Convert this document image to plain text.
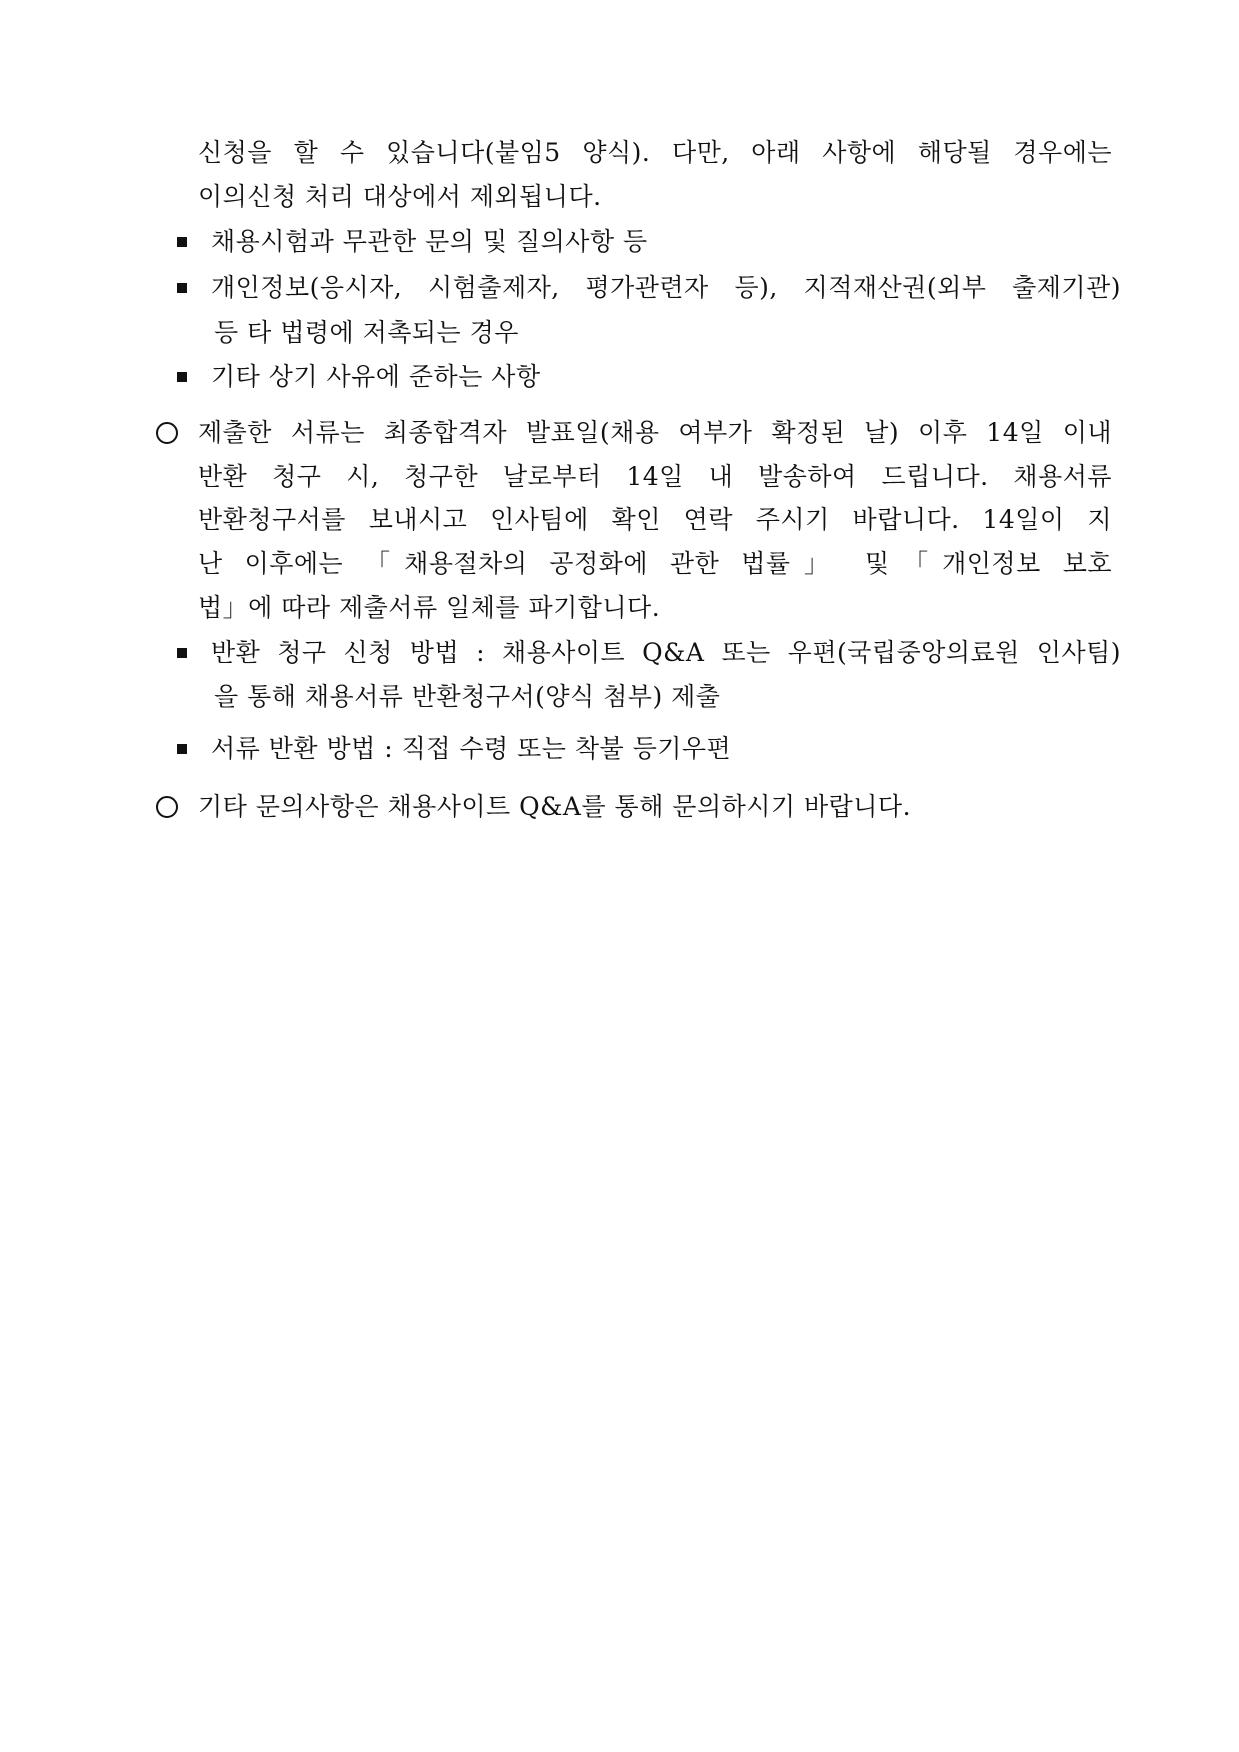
신청을 할 수 있습니다(붙임5 양식). 다만, 아래 사항에 해당될 경우에는
이의신청 처리 대상에서 제외됩니다.
채용시험과 무관한 문의 및 질의사항 등
개인정보(응시자, 시험출제자, 평가관련자 등), 지적재산권(외부 출제기관)
등 타 법령에 저촉되는 경우
기타 상기 사유에 준하는 사항
제출한 서류는 최종합격자 발표일(채용 여부가 확정된 날) 이후 14일 이내
반환 청구 시, 청구한 날로부터 14일 내 발송하여 드립니다. 채용서류
반환청구서를 보내시고 인사팀에 확인 연락 주시기 바랍니다. 14일이 지
난 이후에는 「채용절차의 공정화에 관한 법률」 및「개인정보 보호
법」에 따라 제출서류 일체를 파기합니다.
반환 청구 신청 방법 : 채용사이트 Q&A 또는 우편(국립중앙의료원 인사팀)
을 통해 채용서류 반환청구서(양식 첨부) 제출
서류 반환 방법 : 직접 수령 또는 착불 등기우편
기타 문의사항은 채용사이트 Q&A를 통해 문의하시기 바랍니다.
